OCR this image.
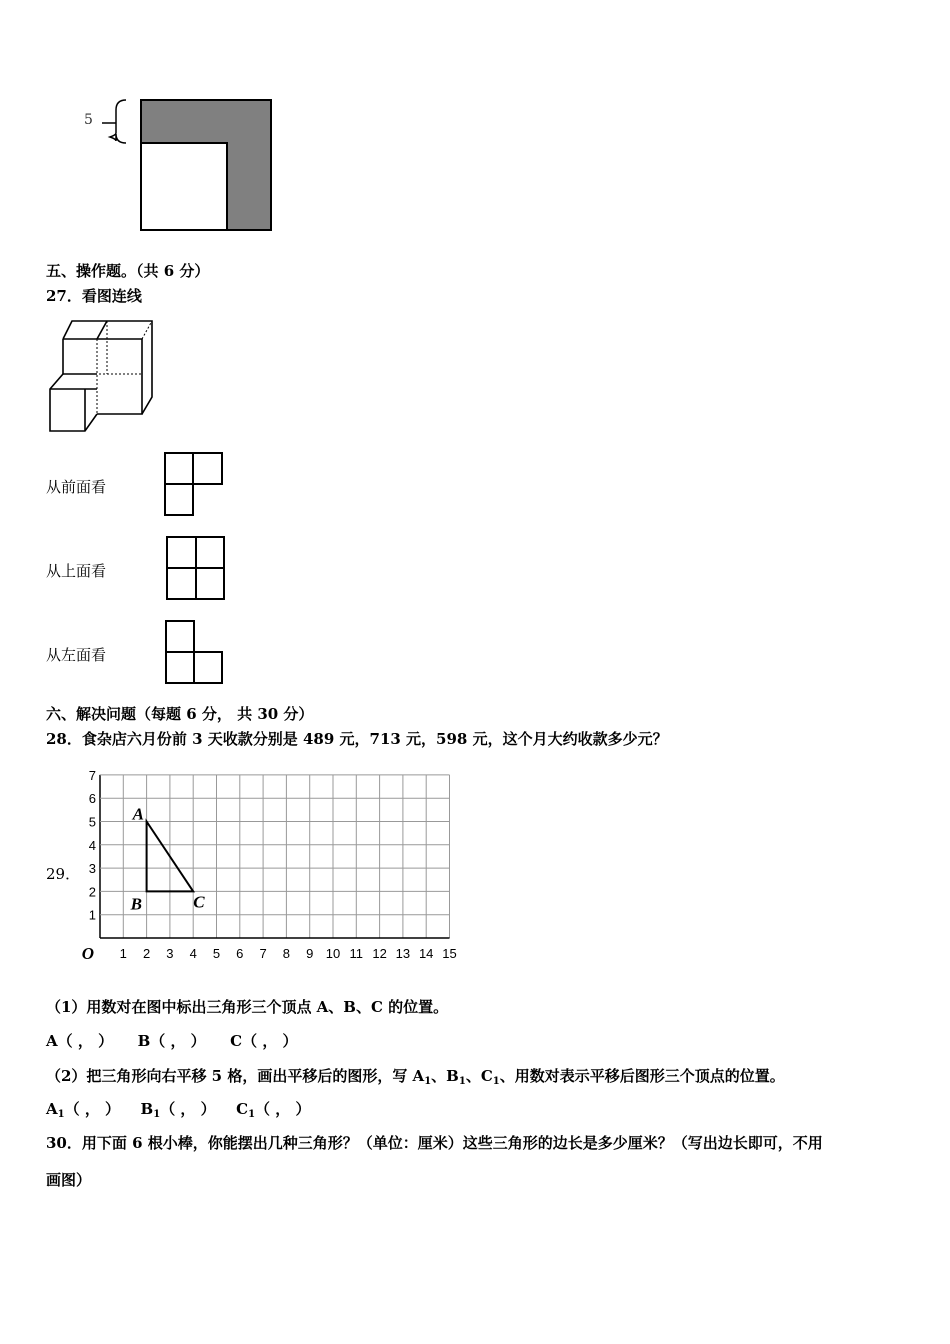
5
五、操作题。（共 6 分）
27．看图连线
从前面看
从上面看
从左面看
六、解决问题（每题 6 分， 共 30 分）
28．食杂店六月份前 3 天收款分别是 489 元，713 元，598 元，这个月大约收款多少元？
29．
1 2 3 4 5 6 7 8 9 10 11 12 13 14 15
1
2
3
4
5
6
7
O
A
B	C
（1）用数对在图中标出三角形三个顶点 A、B、C 的位置。
A（ ， ） B（ ， ） C（ ， ）
（2）把三角形向右平移 5 格，画出平移后的图形，写 $A_1$、$B_1$、$C_1$、用数对表示平移后图形三个顶点的位置。
$A_1$（ ， ） $B_1$（ ， ） $C_1$（ ， ）
30．用下面 6 根小棒，你能摆出几种三角形？（单位：厘米）这些三角形的边长是多少厘米？（写出边长即可，不用
画图）
